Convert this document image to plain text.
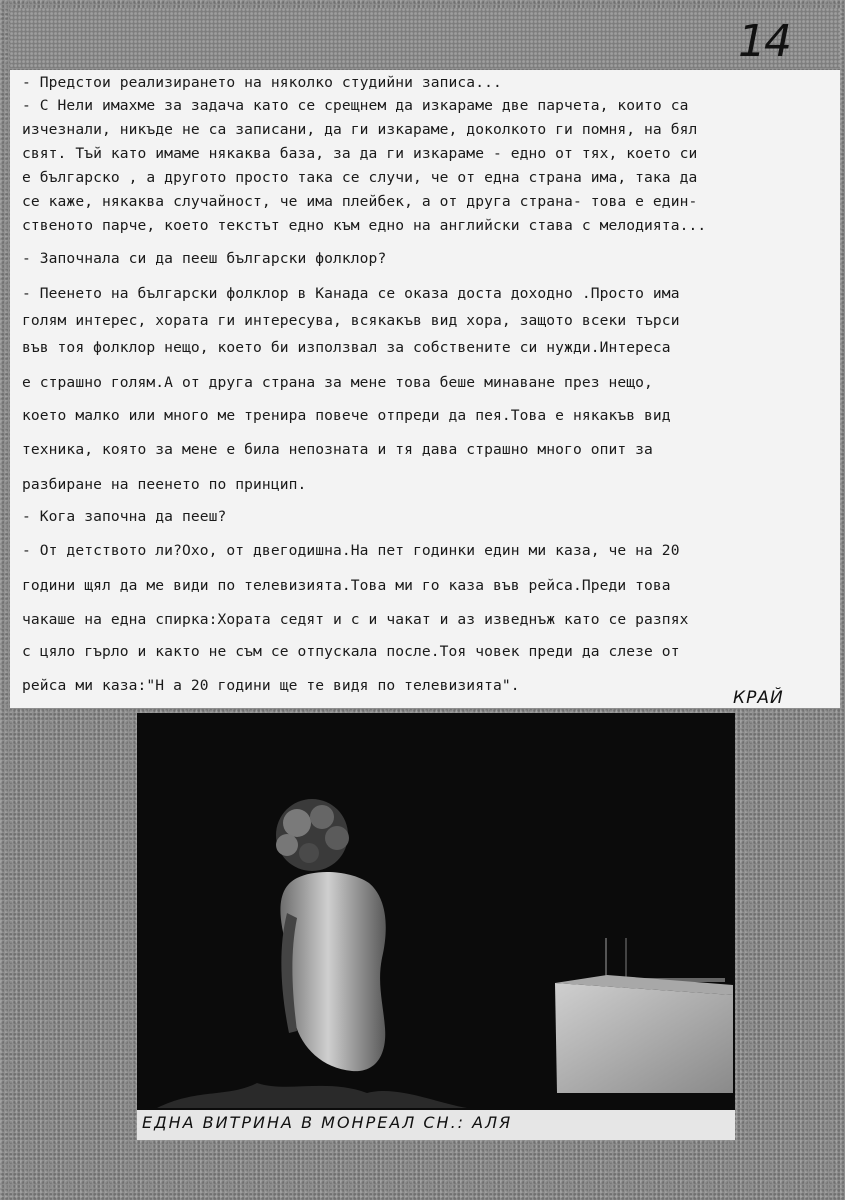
14
- Предстои реализирането на няколко студийни записа...
- С Нели имахме за задача като се срещнем да изкараме две парчета, които са
изчезнали, никъде не са записани, да ги изкараме, доколкото ги помня, на бял
свят. Тъй като имаме някаква база, за да ги изкараме - едно от тях, което си
е българско , а другото просто така се случи, че от една страна има, така да
се каже, някаква случайност, че има плейбек, а от друга страна- това е един-
ственото парче, което текстът едно към едно на английски става с мелодията...
- Започнала си да пееш български фолклор?
- Пеенето на български фолклор в Канада се оказа доста доходно .Просто има
голям интерес, хората ги интересува, всякакъв вид хора, защото всеки търси
във тоя фолклор нещо, което би използвал за собствените си нужди.Интереса
е страшно голям.А от друга страна за мене това беше минаване през нещо,
което малко или много ме тренира повече отпреди да пея.Това е някакъв вид
техника, която за мене е била непозната и тя дава страшно много опит за
разбиране на пеенето по принцип.
- Кога започна да пееш?
- От детството ли?Охо, от двегодишна.На пет годинки един ми каза, че на 20
години щял да ме види по телевизията.Това ми го каза във рейса.Преди това
чакаше на една спирка:Хората седят и с и чакат и аз изведнъж като се разпях
с цяло гърло и както не съм се отпускала после.Тоя човек преди да слезе от
рейса ми каза:"Н а 20 години ще те видя по телевизията".
КРАЙ
ЕДНА ВИТРИНА В МОНРЕАЛ СН.: АЛЯ
